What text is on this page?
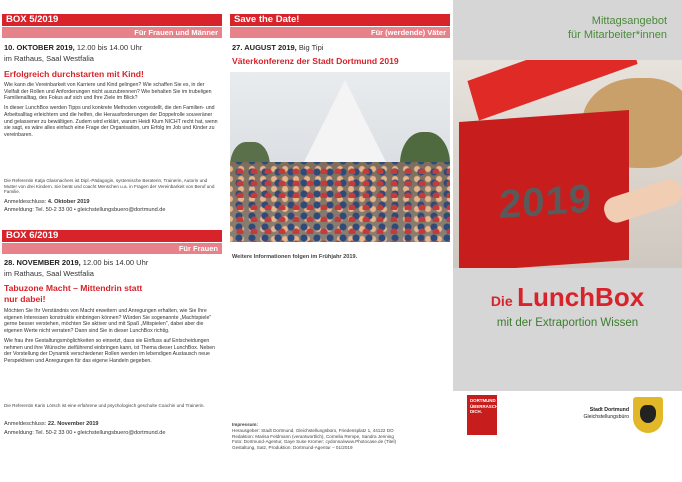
BOX 5/2019
Für Frauen und Männer
10. OKTOBER 2019, 12.00 bis 14.00 Uhr
im Rathaus, Saal Westfalia
Erfolgreich durchstarten mit Kind!

Wie kann die Vereinbarkeit von Karriere und Kind gelingen? Wie schaffen Sie es, in der Vielfalt der Rollen und Anforderungen nicht auszubrennen? Wie behalten Sie im trubeligen Familienalltag, des Fokus auf sich und Ihre Ziele im Blick?

In dieser LunchBox werden Tipps und konkrete Methoden vorgestellt, die den Familien- und Arbeitsalltag erleichtern und die helfen, die Herausforderungen der Doppelrolle souveräner und gelassener zu bewältigen. Zudem wird erklärt, warum Heidi Klum NICHT recht hat, wenn sie sagt, es wäre alles einfach eine Frage der Organisation, um Erfolg im Job und Kinder zu vereinbaren.

Die Referentin Katja Glasmachers ist Dipl.-Pädagogin, systemische Beraterin, Trainerin, Autorin und Mutter von drei Kindern. Sie berät und coacht Menschen u.a. in Fragen der Vereinbarkeit von Beruf und Familie.
Anmeldeschluss: 4. Oktober 2019
Anmeldung: Tel. 50-2 33 00 • gleichstellungsbuero@dortmund.de
BOX 6/2019
Für Frauen
28. NOVEMBER 2019, 12.00 bis 14.00 Uhr
im Rathaus, Saal Westfalia
Tabuzone Macht – Mittendrin statt nur dabei!

Möchten Sie Ihr Verständnis von Macht erweitern und Anregungen erhalten, wie Sie Ihre eigenen Interessen konstruktiv einbringen können? Würden Sie sogenannte „Machtspiele" gerne besser verstehen, möchten Sie aktiver und mit Spaß „Mitspielen", dabei aber die eigenen Werte nicht verraten? Dann sind Sie in dieser LunchBox richtig.

Wie frau ihre Gestaltungsmöglichkeiten so einsetzt, dass sie Einfluss auf Entscheidungen nehmen und ihre Wünsche zielführend einbringen kann, ist Thema dieser LunchBox. Neben der Vorstellung der Dynamik verschiedener Rollen werden im lebendigen Austausch neue Perspektiven und Anregungen für das eigene Handeln gegeben.

Die Referentin Karin Lörsch ist eine erfahrene und psychologisch geschulte Coachin und Trainerin.
Anmeldeschluss: 22. November 2019
Anmeldung: Tel. 50-2 33 00 • gleichstellungsbuero@dortmund.de
Save the Date!
Für (werdende) Väter
27. AUGUST 2019, Big Tipi
Väterkonferenz der Stadt Dortmund 2019
Weitere Informationen folgen im Frühjahr 2019.
Mittagsangebot
für Mitarbeiter*innen
2019
Die LunchBox
mit der Extraportion Wissen
DORTMUND ÜBERRASCHT. DICH.	Stadt Dortmund
Gleichstellungsbüro
Impressum:
Herausgeber: Stadt Dortmund, Gleichstellungsbüro, Friedensplatz 1, 44122 DO
Redaktion: Marisa Feldmann (verantwortlich), Cornelia Rempe, Sandra Jenning
Foto: Dortmund-Agentur, Gaye Suse Kromer; cydonna/www.Photocase.de (Titel)
Gestaltung, Satz, Produktion: Dortmund-Agentur – 01/2019
